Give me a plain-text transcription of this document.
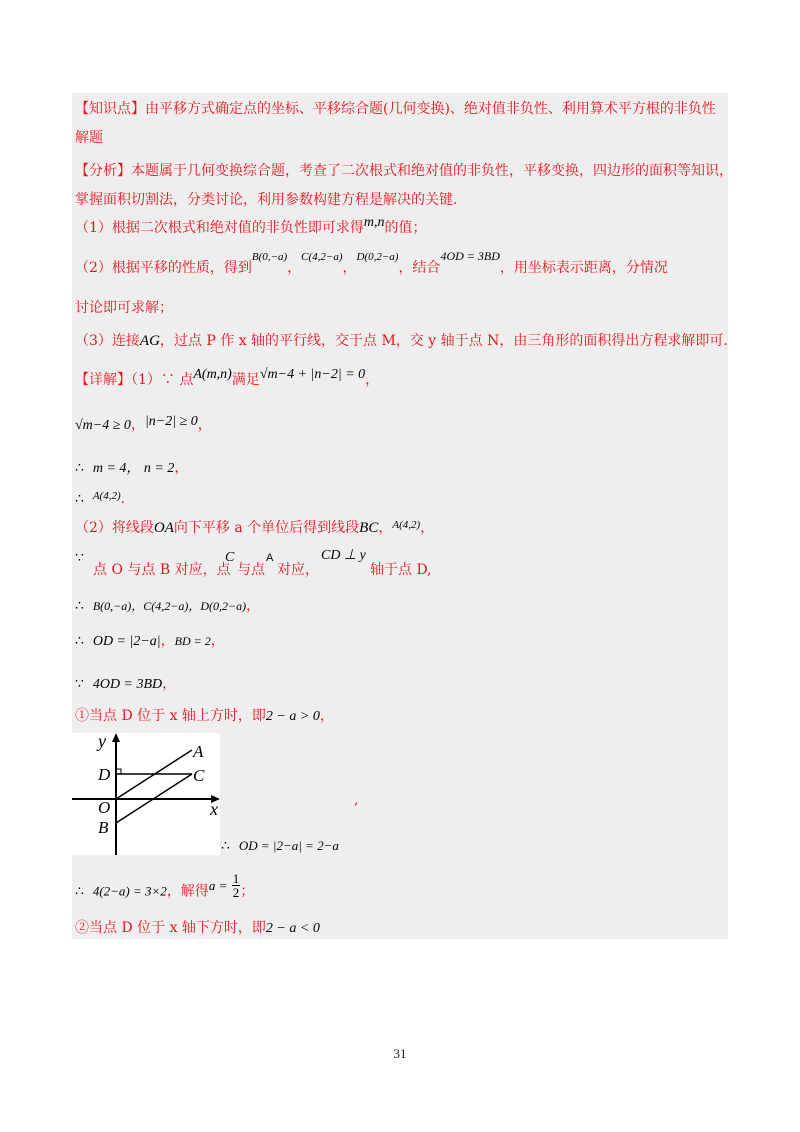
【知识点】由平移方式确定点的坐标、平移综合题(几何变换)、绝对值非负性、利用算术平方根的非负性
解题
【分析】本题属于几何变换综合题，考查了二次根式和绝对值的非负性，平移变换，四边形的面积等知识，
掌握面积切割法，分类讨论，利用参数构建方程是解决的关键.
（1）根据二次根式和绝对值的非负性即可求得m,n的值；
（2）根据平移的性质，得到$^{B(0,-a)}$，$^{C(4,2-a)}$，$^{D(0,2-a)}$，结合4OD = 3BD，用坐标表示距离，分情况
讨论即可求解；
（3）连接AG，过点 P 作 x 轴的平行线，交于点 M，交 y 轴于点 N，由三角形的面积得出方程求解即可.
【详解】（1）∵ 点A(m,n)满足√m−4 + |n−2| = 0，
√m−4 ≥ 0，|n−2| ≥ 0，
∴ m = 4， n = 2，
∴ $^{A(4,2)}$.
（2）将线段OA向下平移 a 个单位后得到线段BC，$^{A(4,2)}$，
∵
点 O 与点 B 对应，点
C
与点
A
对应，
CD ⊥ y
轴于点 D,
∴ B(0,−a)，C(4,2−a)，D(0,2−a)，
∴ OD = |2−a|，BD = 2，
∵ 4OD = 3BD，
①当点 D 位于 x 轴上方时，即2 − a > 0，
y
x
A
C
D
O
B
,
∴ OD = |2−a| = 2−a
∴ 4(2−a) = 3×2，解得$a = \frac{1}{2}$ ；
②当点 D 位于 x 轴下方时，即2 − a < 0
31
